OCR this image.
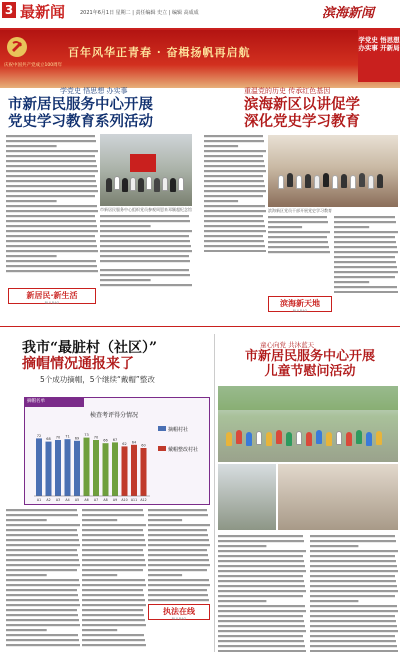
3 最新闻	2021年6月1日 星期二 | 责任编辑 史立 | 编辑 高成成	滨海新闻
百年风华正青春 · 奋楫扬帆再启航
庆祝中国共产党成立100周年
学党史 悟思想 办实事 开新局
学党史 悟思想 办实事
市新居民服务中心开展
党史学习教育系列活动
市新居民服务中心组织党员参观周恩来邓颖超纪念馆
新居民·新生活
RUI BAO
重温党的历史 传承红色基因
滨海新区以讲促学
深化党史学习教育
滨海新区党员干部开展党史学习教育
滨海新天地
RUI BAO
我市“最脏村（社区）”
摘帽情况通报来了
5个成功摘帽，5个继续“戴帽”整改
摘帽名单
検査考评得分情况
72
A1
68
A2
70
A3
71
A4
69
A5
73
A6
70
A7
66
A8
67
A9
62
A10
64
A11
60
A12
摘帽村社
戴帽整改村社
执法在线
RUI BAO
童心向党 共沐蓝天
市新居民服务中心开展
儿童节慰问活动
